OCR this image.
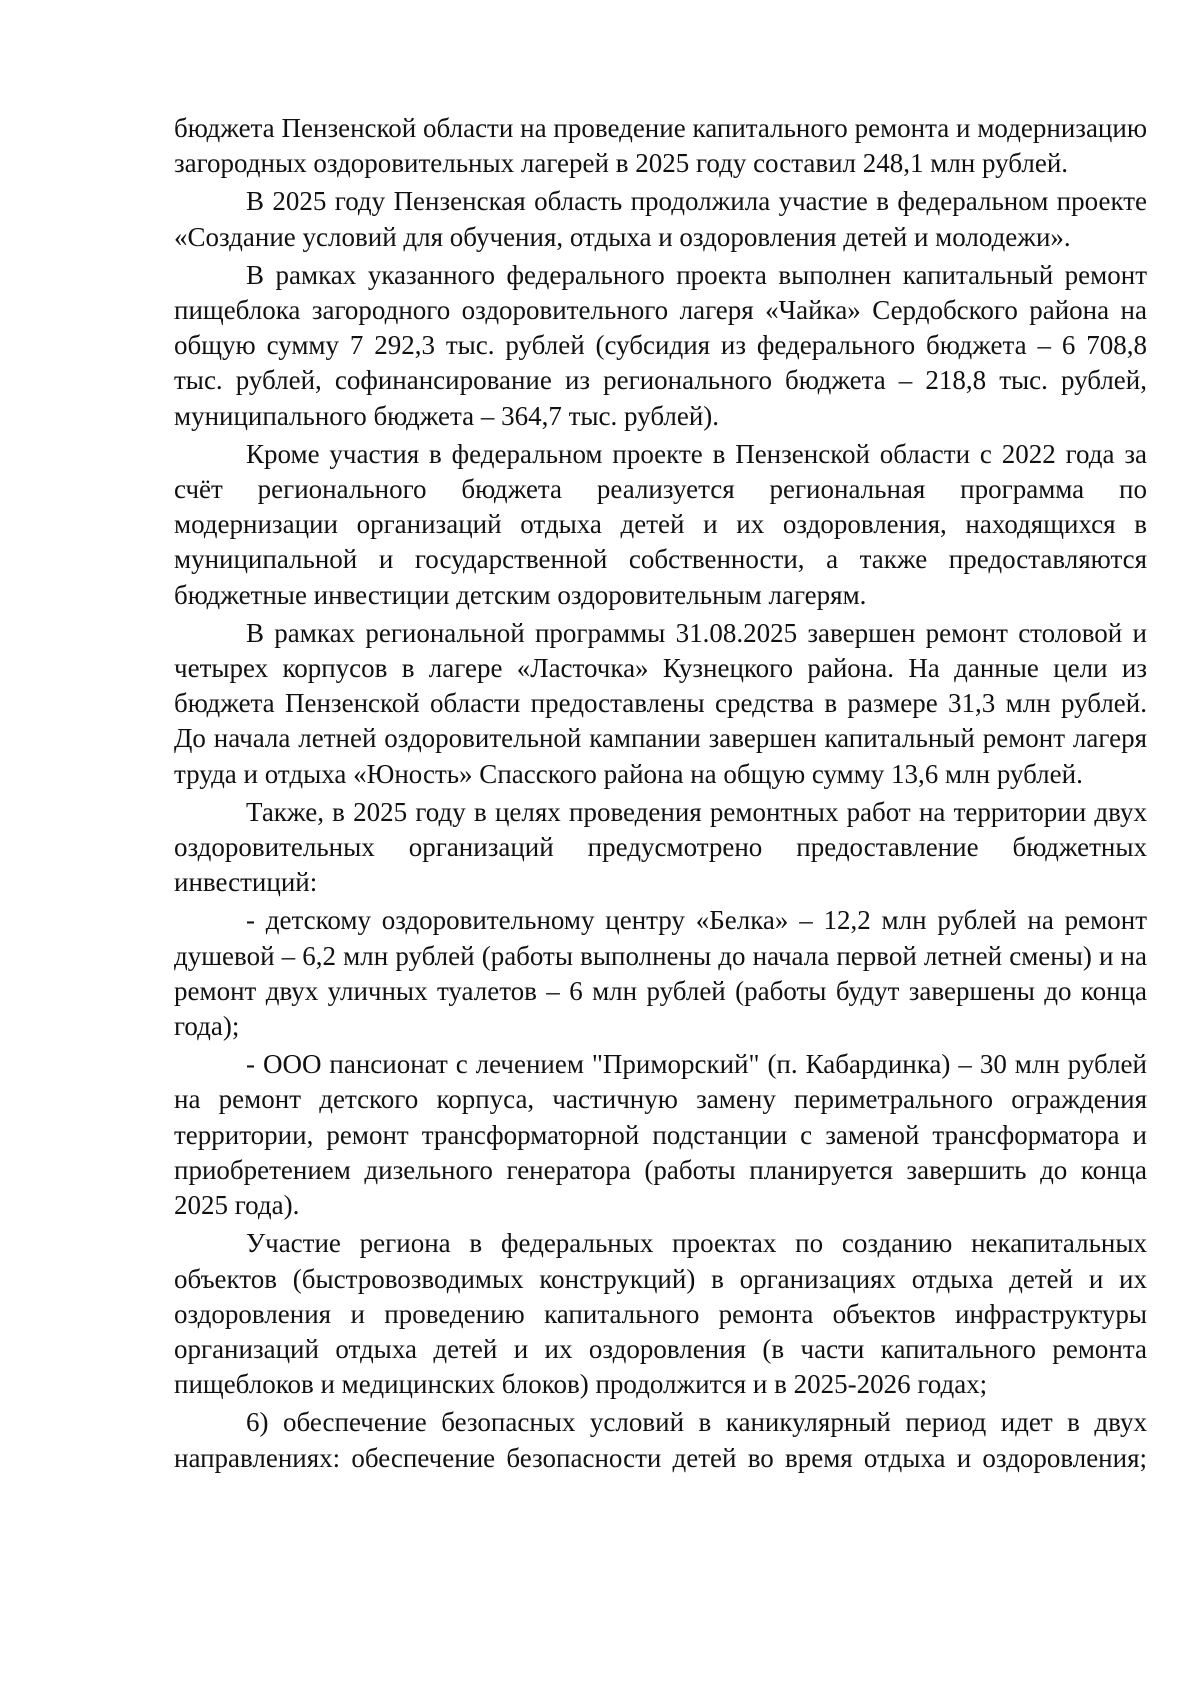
бюджета Пензенской области на проведение капитального ремонта и модернизацию загородных оздоровительных лагерей в 2025 году составил 248,1 млн рублей.

В 2025 году Пензенская область продолжила участие в федеральном проекте «Создание условий для обучения, отдыха и оздоровления детей и молодежи».

В рамках указанного федерального проекта выполнен капитальный ремонт пищеблока загородного оздоровительного лагеря «Чайка» Сердобского района на общую сумму 7 292,3 тыс. рублей (субсидия из федерального бюджета – 6 708,8 тыс. рублей, софинансирование из регионального бюджета – 218,8 тыс. рублей, муниципального бюджета – 364,7 тыс. рублей).

Кроме участия в федеральном проекте в Пензенской области с 2022 года за счёт регионального бюджета реализуется региональная программа по модернизации организаций отдыха детей и их оздоровления, находящихся в муниципальной и государственной собственности, а также предоставляются бюджетные инвестиции детским оздоровительным лагерям.

В рамках региональной программы 31.08.2025 завершен ремонт столовой и четырех корпусов в лагере «Ласточка» Кузнецкого района. На данные цели из бюджета Пензенской области предоставлены средства в размере 31,3 млн рублей. До начала летней оздоровительной кампании завершен капитальный ремонт лагеря труда и отдыха «Юность» Спасского района на общую сумму 13,6 млн рублей.

Также, в 2025 году в целях проведения ремонтных работ на территории двух оздоровительных организаций предусмотрено предоставление бюджетных инвестиций:

- детскому оздоровительному центру «Белка» – 12,2 млн рублей на ремонт душевой – 6,2 млн рублей (работы выполнены до начала первой летней смены) и на ремонт двух уличных туалетов – 6 млн рублей (работы будут завершены до конца года);

- ООО пансионат с лечением "Приморский" (п. Кабардинка) – 30 млн рублей на ремонт детского корпуса, частичную замену периметрального ограждения территории, ремонт трансформаторной подстанции с заменой трансформатора и приобретением дизельного генератора (работы планируется завершить до конца 2025 года).

Участие региона в федеральных проектах по созданию некапитальных объектов (быстровозводимых конструкций) в организациях отдыха детей и их оздоровления и проведению капитального ремонта объектов инфраструктуры организаций отдыха детей и их оздоровления (в части капитального ремонта пищеблоков и медицинских блоков) продолжится и в 2025-2026 годах;

6) обеспечение безопасных условий в каникулярный период идет в двух направлениях: обеспечение безопасности детей во время отдыха и оздоровления;
